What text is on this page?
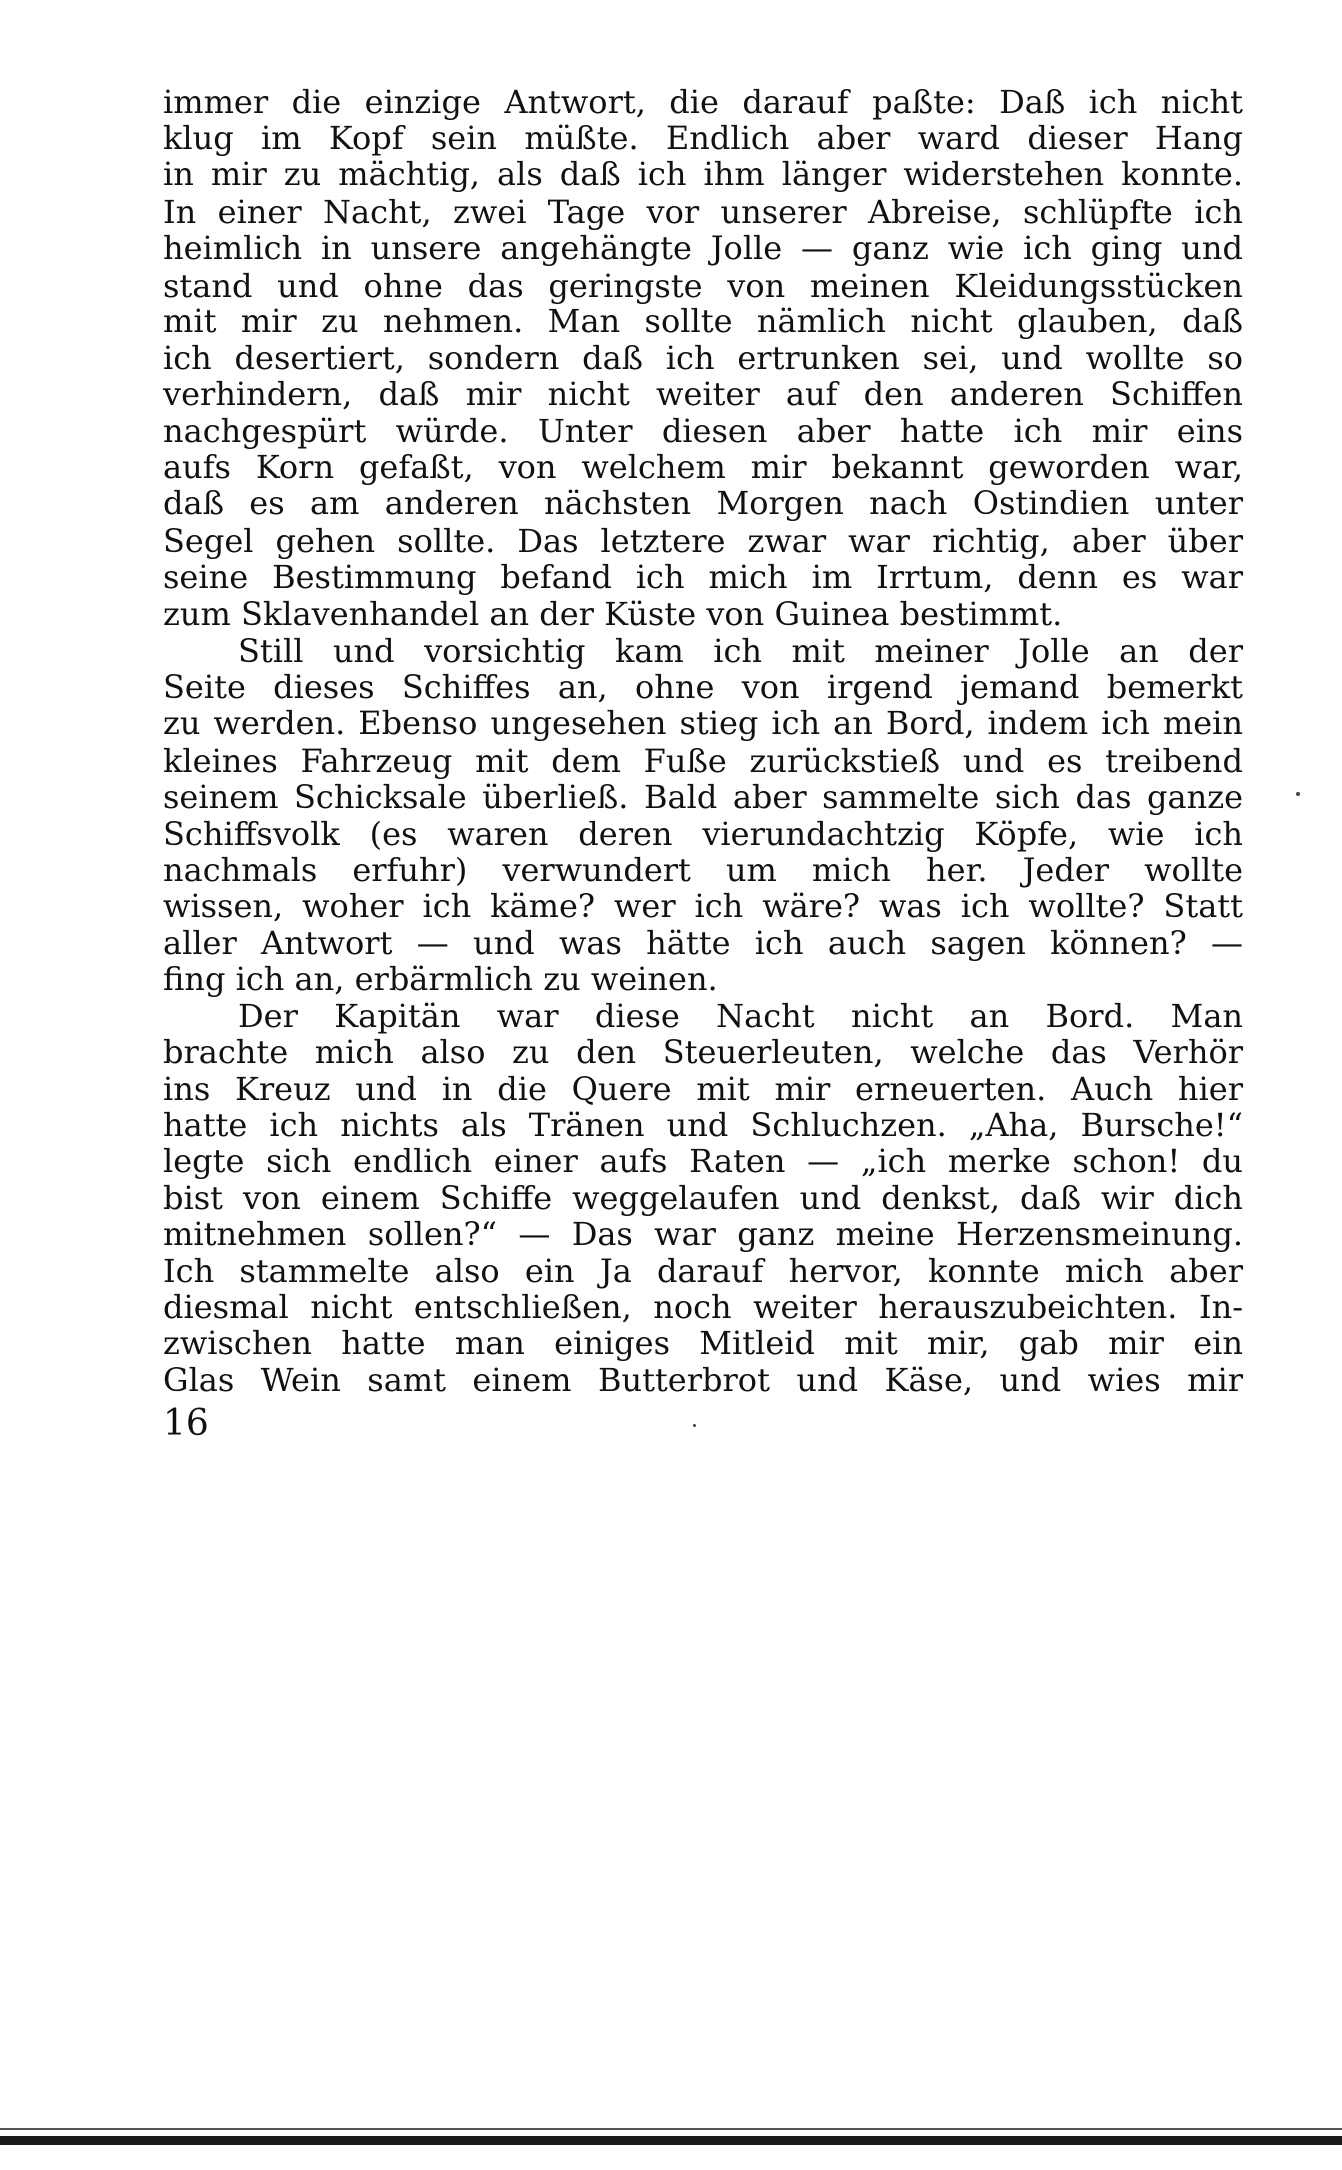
immer die einzige Antwort, die darauf paßte: Daß ich nicht
klug im Kopf sein müßte. Endlich aber ward dieser Hang
in mir zu mächtig, als daß ich ihm länger widerstehen konnte.
In einer Nacht, zwei Tage vor unserer Abreise, schlüpfte ich
heimlich in unsere angehängte Jolle — ganz wie ich ging und
stand und ohne das geringste von meinen Kleidungsstücken
mit mir zu nehmen. Man sollte nämlich nicht glauben, daß
ich desertiert, sondern daß ich ertrunken sei, und wollte so
verhindern, daß mir nicht weiter auf den anderen Schiffen
nachgespürt würde. Unter diesen aber hatte ich mir eins
aufs Korn gefaßt, von welchem mir bekannt geworden war,
daß es am anderen nächsten Morgen nach Ostindien unter
Segel gehen sollte. Das letztere zwar war richtig, aber über
seine Bestimmung befand ich mich im Irrtum, denn es war
zum Sklavenhandel an der Küste von Guinea bestimmt.
Still und vorsichtig kam ich mit meiner Jolle an der
Seite dieses Schiffes an, ohne von irgend jemand bemerkt
zu werden. Ebenso ungesehen stieg ich an Bord, indem ich mein
kleines Fahrzeug mit dem Fuße zurückstieß und es treibend
seinem Schicksale überließ. Bald aber sammelte sich das ganze
Schiffsvolk (es waren deren vierundachtzig Köpfe, wie ich
nachmals erfuhr) verwundert um mich her. Jeder wollte
wissen, woher ich käme? wer ich wäre? was ich wollte? Statt
aller Antwort — und was hätte ich auch sagen können? —
fing ich an, erbärmlich zu weinen.
Der Kapitän war diese Nacht nicht an Bord. Man
brachte mich also zu den Steuerleuten, welche das Verhör
ins Kreuz und in die Quere mit mir erneuerten. Auch hier
hatte ich nichts als Tränen und Schluchzen. „Aha, Bursche!“
legte sich endlich einer aufs Raten — „ich merke schon! du
bist von einem Schiffe weggelaufen und denkst, daß wir dich
mitnehmen sollen?“ — Das war ganz meine Herzensmeinung.
Ich stammelte also ein Ja darauf hervor, konnte mich aber
diesmal nicht entschließen, noch weiter herauszubeichten. In-
zwischen hatte man einiges Mitleid mit mir, gab mir ein
Glas Wein samt einem Butterbrot und Käse, und wies mir
16
